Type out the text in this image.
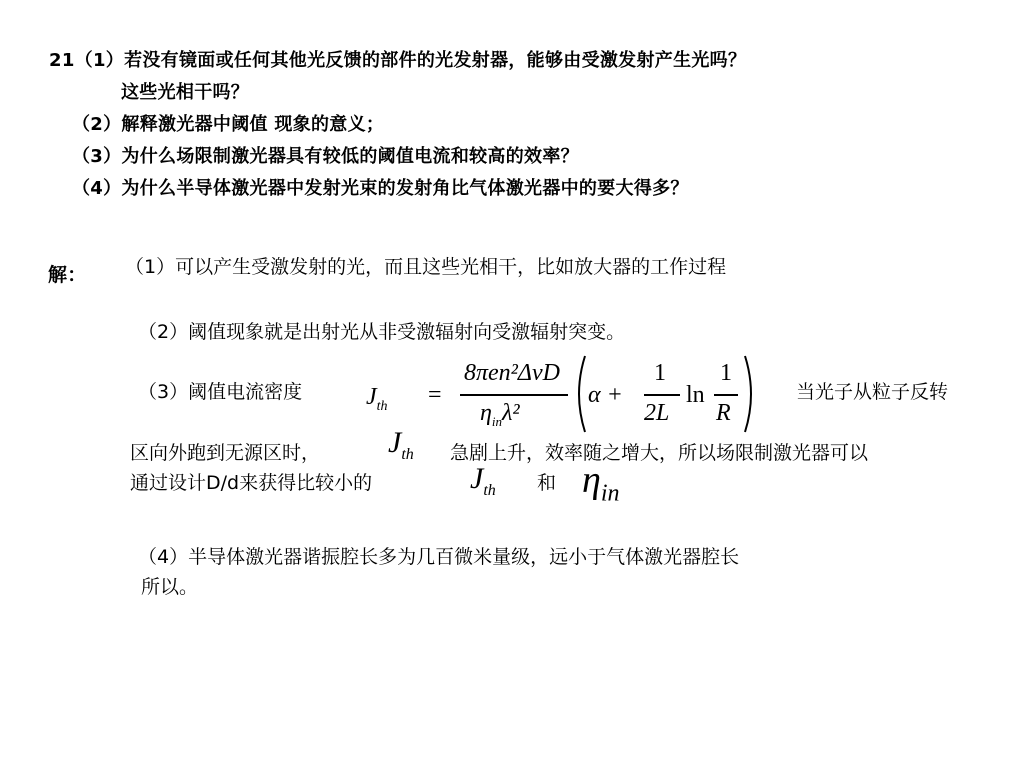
21（1）若没有镜面或任何其他光反馈的部件的光发射器，能够由受激发射产生光吗？
这些光相干吗？
（2）解释激光器中阈值 现象的意义；
（3）为什么场限制激光器具有较低的阈值电流和较高的效率？
（4）为什么半导体激光器中发射光束的发射角比气体激光器中的要大得多？
解： （1）可以产生受激发射的光，而且这些光相干，比如放大器的工作过程
（2）阈值现象就是出射光从非受激辐射向受激辐射突变。
（3）阈值电流密度	当光子从粒子反转
$J_{th}$ =
8πen²ΔνD
$\eta_{in}\lambda^2$
α +
1
2L
ln
1
R
区向外跑到无源区时， $J_{th}$ 急剧上升，效率随之增大，所以场限制激光器可以
通过设计D/d来获得比较小的	$J_{th}$ 和 $\eta_{in}$
（4）半导体激光器谐振腔长多为几百微米量级，远小于气体激光器腔长
所以。
